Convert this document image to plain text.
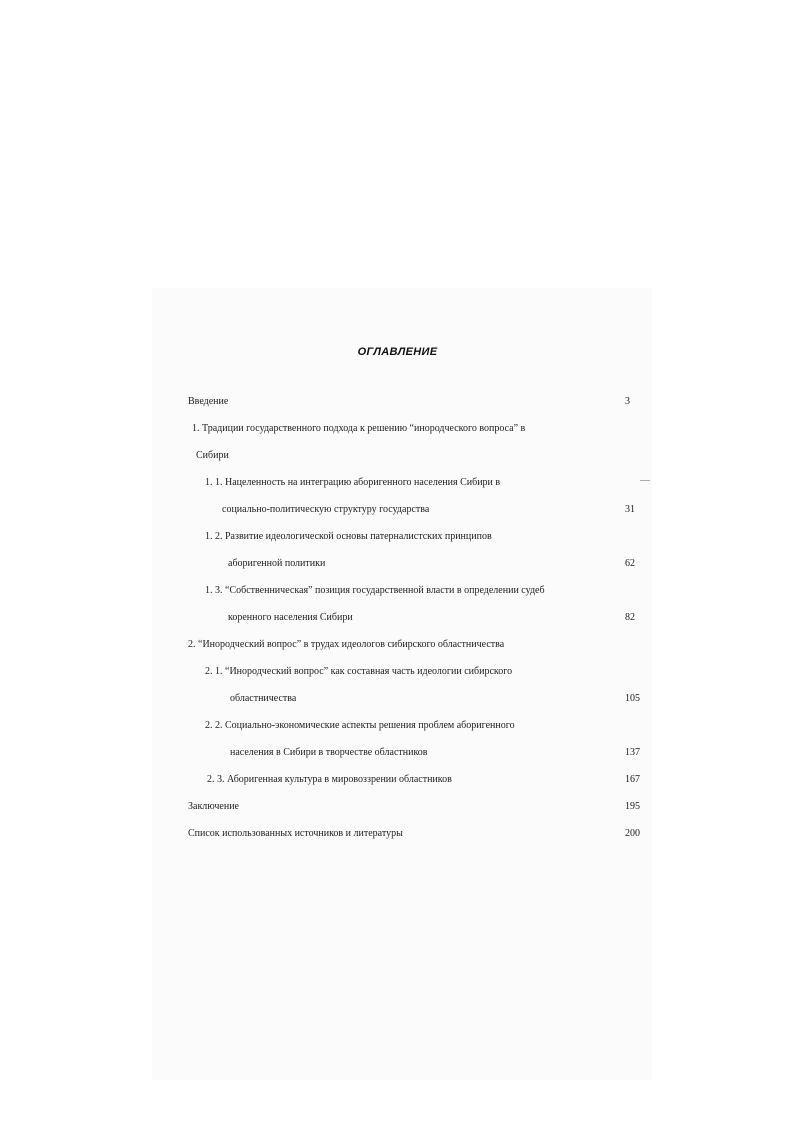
ОГЛАВЛЕНИЕ
Введение	3
1. Традиции государственного подхода к решению “инородческого вопроса” в
Сибири
1. 1. Нацеленность на интеграцию аборигенного населения Сибири в	—
социально-политическую структуру государства	31
1. 2. Развитие идеологической основы патерналистских принципов
аборигенной политики	62
1. 3. “Собственническая” позиция государственной власти в определении судеб
коренного населения Сибири	82
2. “Инородческий вопрос” в трудах идеологов сибирского областничества
2. 1. “Инородческий вопрос” как составная часть идеологии сибирского
областничества	105
2. 2. Социально-экономические аспекты решения проблем аборигенного
населения в Сибири в творчестве областников	137
2. 3. Аборигенная культура в мировоззрении областников	167
Заключение	195
Список использованных источников и литературы	200
